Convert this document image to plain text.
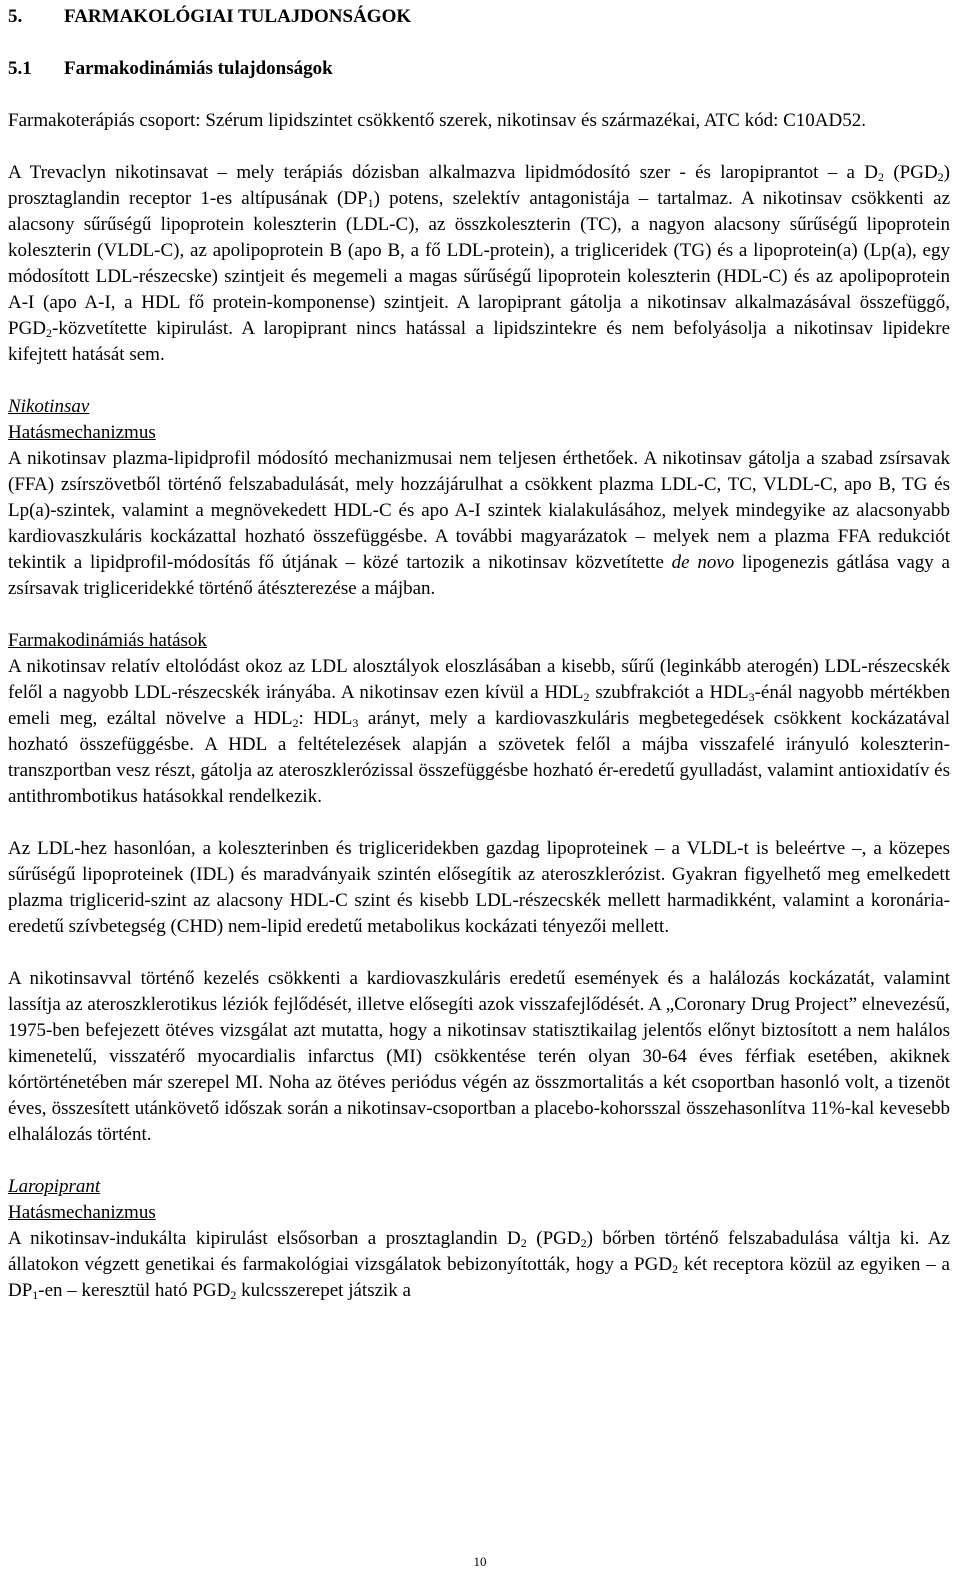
5. FARMAKOLÓGIAI TULAJDONSÁGOK
5.1 Farmakodinámiás tulajdonságok

Farmakoterápiás csoport: Szérum lipidszintet csökkentő szerek, nikotinsav és származékai, ATC kód: C10AD52.

A Trevaclyn nikotinsavat – mely terápiás dózisban alkalmazva lipidmódosító szer - és laropiprantot – a $D_2$ $(PGD_2)$ prosztaglandin receptor 1-es altípusának $(DP_1)$ potens, szelektív antagonistája – tartalmaz. A nikotinsav csökkenti az alacsony sűrűségű lipoprotein koleszterin (LDL-C), az összkoleszterin (TC), a nagyon alacsony sűrűségű lipoprotein koleszterin (VLDL-C), az apolipoprotein B (apo B, a fő LDL-protein), a trigliceridek (TG) és a lipoprotein(a) (Lp(a), egy módosított LDL-részecske) szintjeit és megemeli a magas sűrűségű lipoprotein koleszterin (HDL-C) és az apolipoprotein A-I (apo A-I, a HDL fő protein-komponense) szintjeit. A laropiprant gátolja a nikotinsav alkalmazásával összefüggő, $PGD_2$-közvetítette kipirulást. A laropiprant nincs hatással a lipidszintekre és nem befolyásolja a nikotinsav lipidekre kifejtett hatását sem.

Nikotinsav
Hatásmechanizmus

A nikotinsav plazma-lipidprofil módosító mechanizmusai nem teljesen érthetőek. A nikotinsav gátolja a szabad zsírsavak (FFA) zsírszövetből történő felszabadulását, mely hozzájárulhat a csökkent plazma LDL-C, TC, VLDL-C, apo B, TG és Lp(a)-szintek, valamint a megnövekedett HDL-C és apo A-I szintek kialakulásához, melyek mindegyike az alacsonyabb kardiovaszkuláris kockázattal hozható összefüggésbe. A további magyarázatok – melyek nem a plazma FFA redukciót tekintik a lipidprofil-módosítás fő útjának – közé tartozik a nikotinsav közvetítette de novo lipogenezis gátlása vagy a zsírsavak trigliceridekké történő átészterezése a májban.

Farmakodinámiás hatások

A nikotinsav relatív eltolódást okoz az LDL alosztályok eloszlásában a kisebb, sűrű (leginkább aterogén) LDL-részecskék felől a nagyobb LDL-részecskék irányába. A nikotinsav ezen kívül a $HDL_2$ szubfrakciót a $HDL_3$-énál nagyobb mértékben emeli meg, ezáltal növelve a $HDL_2$: $HDL_3$ arányt, mely a kardiovaszkuláris megbetegedések csökkent kockázatával hozható összefüggésbe. A HDL a feltételezések alapján a szövetek felől a májba visszafelé irányuló koleszterin-transzportban vesz részt, gátolja az ateroszklerózissal összefüggésbe hozható ér-eredetű gyulladást, valamint antioxidatív és antithrombotikus hatásokkal rendelkezik.

Az LDL-hez hasonlóan, a koleszterinben és trigliceridekben gazdag lipoproteinek – a VLDL-t is beleértve –, a közepes sűrűségű lipoproteinek (IDL) és maradványaik szintén elősegítik az ateroszklerózist. Gyakran figyelhető meg emelkedett plazma triglicerid-szint az alacsony HDL-C szint és kisebb LDL-részecskék mellett harmadikként, valamint a koronária-eredetű szívbetegség (CHD) nem-lipid eredetű metabolikus kockázati tényezői mellett.

A nikotinsavval történő kezelés csökkenti a kardiovaszkuláris eredetű események és a halálozás kockázatát, valamint lassítja az ateroszklerotikus léziók fejlődését, illetve elősegíti azok visszafejlődését. A „Coronary Drug Project” elnevezésű, 1975-ben befejezett ötéves vizsgálat azt mutatta, hogy a nikotinsav statisztikailag jelentős előnyt biztosított a nem halálos kimenetelű, visszatérő myocardialis infarctus (MI) csökkentése terén olyan 30-64 éves férfiak esetében, akiknek kórtörténetében már szerepel MI. Noha az ötéves periódus végén az összmortalitás a két csoportban hasonló volt, a tizenöt éves, összesített utánkövető időszak során a nikotinsav-csoportban a placebo-kohorsszal összehasonlítva 11%-kal kevesebb elhalálozás történt.

Laropiprant
Hatásmechanizmus

A nikotinsav-indukálta kipirulást elsősorban a prosztaglandin $D_2$ $(PGD_2)$ bőrben történő felszabadulása váltja ki. Az állatokon végzett genetikai és farmakológiai vizsgálatok bebizonyították, hogy a $PGD_2$ két receptora közül az egyiken – a $DP_1-en$ – keresztül ható $PGD_2$ kulcsszerepet játszik a

10
